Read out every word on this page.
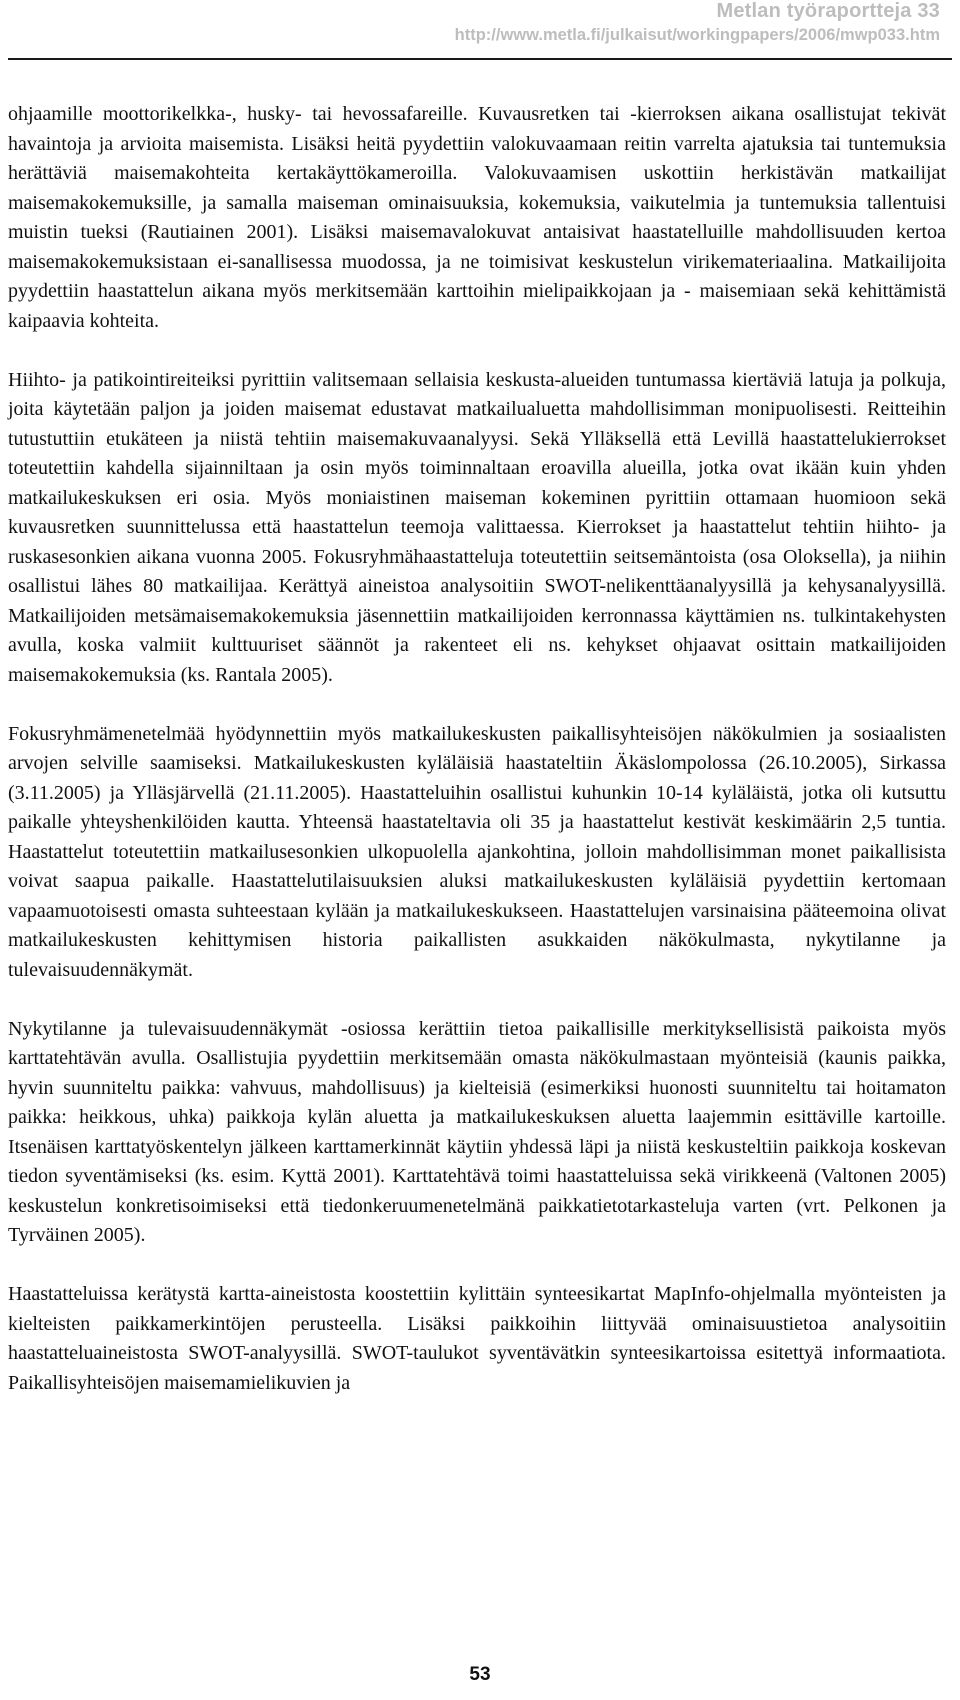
Metlan työraportteja 33
http://www.metla.fi/julkaisut/workingpapers/2006/mwp033.htm

ohjaamille moottorikelkka-, husky- tai hevossafareille. Kuvausretken tai -kierroksen aikana osallistujat tekivät havaintoja ja arvioita maisemista. Lisäksi heitä pyydettiin valokuvaamaan reitin varrelta ajatuksia tai tuntemuksia herättäviä maisemakohteita kertakäyttökameroilla. Valokuvaamisen uskottiin herkistävän matkailijat maisemakokemuksille, ja samalla maiseman ominaisuuksia, kokemuksia, vaikutelmia ja tuntemuksia tallentuisi muistin tueksi (Rautiainen 2001). Lisäksi maisemavalokuvat antaisivat haastatelluille mahdollisuuden kertoa maisemakokemuksistaan ei-sanallisessa muodossa, ja ne toimisivat keskustelun virikemateriaalina. Matkailijoita pyydettiin haastattelun aikana myös merkitsemään karttoihin mielipaikkojaan ja - maisemiaan sekä kehittämistä kaipaavia kohteita.

Hiihto- ja patikointireiteiksi pyrittiin valitsemaan sellaisia keskusta-alueiden tuntumassa kiertäviä latuja ja polkuja, joita käytetään paljon ja joiden maisemat edustavat matkailualuetta mahdollisimman monipuolisesti. Reitteihin tutustuttiin etukäteen ja niistä tehtiin maisemakuvaanalyysi. Sekä Ylläksellä että Levillä haastattelukierrokset toteutettiin kahdella sijainniltaan ja osin myös toiminnaltaan eroavilla alueilla, jotka ovat ikään kuin yhden matkailukeskuksen eri osia. Myös moniaistinen maiseman kokeminen pyrittiin ottamaan huomioon sekä kuvausretken suunnittelussa että haastattelun teemoja valittaessa. Kierrokset ja haastattelut tehtiin hiihto- ja ruskasesonkien aikana vuonna 2005. Fokusryhmähaastatteluja toteutettiin seitsemäntoista (osa Oloksella), ja niihin osallistui lähes 80 matkailijaa. Kerättyä aineistoa analysoitiin SWOT-nelikenttäanalyysillä ja kehysanalyysillä. Matkailijoiden metsämaisemakokemuksia jäsennettiin matkailijoiden kerronnassa käyttämien ns. tulkintakehysten avulla, koska valmiit kulttuuriset säännöt ja rakenteet eli ns. kehykset ohjaavat osittain matkailijoiden maisemakokemuksia (ks. Rantala 2005).

Fokusryhmämenetelmää hyödynnettiin myös matkailukeskusten paikallisyhteisöjen näkökulmien ja sosiaalisten arvojen selville saamiseksi. Matkailukeskusten kyläläisiä haastateltiin Äkäslompolossa (26.10.2005), Sirkassa (3.11.2005) ja Ylläsjärvellä (21.11.2005). Haastatteluihin osallistui kuhunkin 10-14 kyläläistä, jotka oli kutsuttu paikalle yhteyshenkilöiden kautta. Yhteensä haastateltavia oli 35 ja haastattelut kestivät keskimäärin 2,5 tuntia. Haastattelut toteutettiin matkailusesonkien ulkopuolella ajankohtina, jolloin mahdollisimman monet paikallisista voivat saapua paikalle. Haastattelutilaisuuksien aluksi matkailukeskusten kyläläisiä pyydettiin kertomaan vapaamuotoisesti omasta suhteestaan kylään ja matkailukeskukseen. Haastattelujen varsinaisina pääteemoina olivat matkailukeskusten kehittymisen historia paikallisten asukkaiden näkökulmasta, nykytilanne ja tulevaisuudennäkymät.

Nykytilanne ja tulevaisuudennäkymät -osiossa kerättiin tietoa paikallisille merkityksellisistä paikoista myös karttatehtävän avulla. Osallistujia pyydettiin merkitsemään omasta näkökulmastaan myönteisiä (kaunis paikka, hyvin suunniteltu paikka: vahvuus, mahdollisuus) ja kielteisiä (esimerkiksi huonosti suunniteltu tai hoitamaton paikka: heikkous, uhka) paikkoja kylän aluetta ja matkailukeskuksen aluetta laajemmin esittäville kartoille. Itsenäisen karttatyöskentelyn jälkeen karttamerkinnät käytiin yhdessä läpi ja niistä keskusteltiin paikkoja koskevan tiedon syventämiseksi (ks. esim. Kyttä 2001). Karttatehtävä toimi haastatteluissa sekä virikkeenä (Valtonen 2005) keskustelun konkretisoimiseksi että tiedonkeruumenetelmänä paikkatietotarkasteluja varten (vrt. Pelkonen ja Tyrväinen 2005).

Haastatteluissa kerätystä kartta-aineistosta koostettiin kylittäin synteesikartat MapInfo-ohjelmalla myönteisten ja kielteisten paikkamerkintöjen perusteella. Lisäksi paikkoihin liittyvää ominaisuustietoa analysoitiin haastatteluaineistosta SWOT-analyysillä. SWOT-taulukot syventävätkin synteesikartoissa esitettyä informaatiota. Paikallisyhteisöjen maisemamielikuvien ja

53
